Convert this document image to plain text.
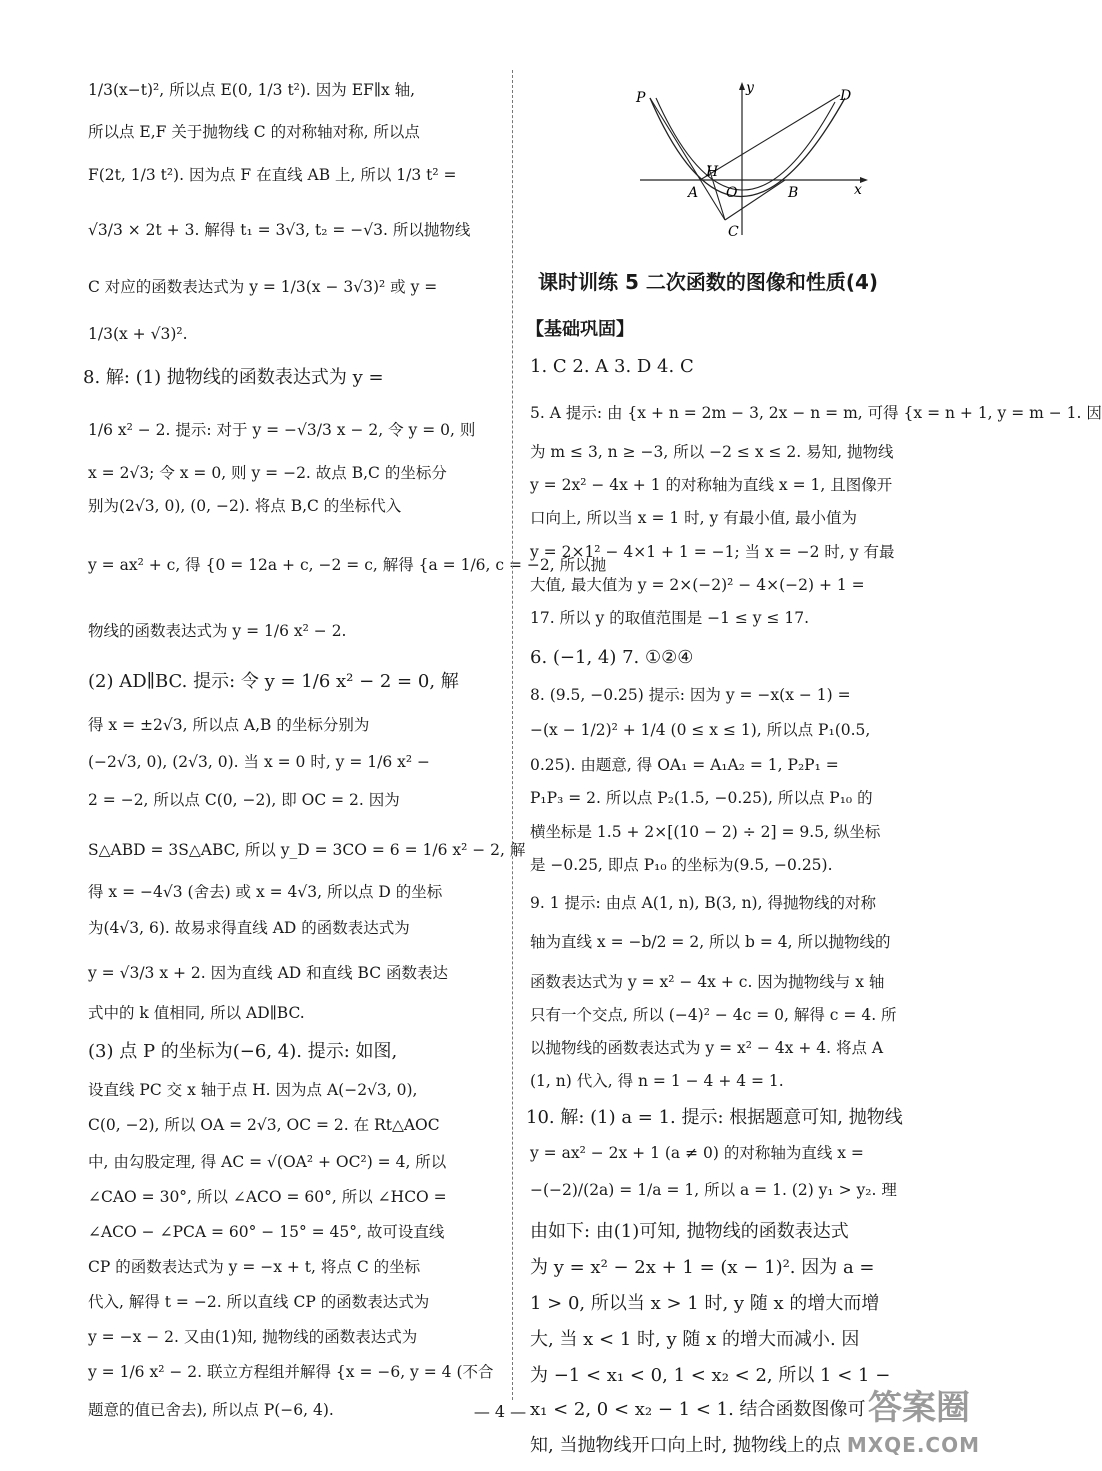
1/3(x−t)², 所以点 E(0, 1/3 t²). 因为 EF∥x 轴,
所以点 E,F 关于抛物线 C 的对称轴对称, 所以点
F(2t, 1/3 t²). 因为点 F 在直线 AB 上, 所以 1/3 t² =
√3/3 × 2t + 3. 解得 t₁ = 3√3, t₂ = −√3. 所以抛物线
C 对应的函数表达式为 y = 1/3(x − 3√3)² 或 y =
1/3(x + √3)².
8. 解: (1) 抛物线的函数表达式为 y =
1/6 x² − 2. 提示: 对于 y = −√3/3 x − 2, 令 y = 0, 则
x = 2√3; 令 x = 0, 则 y = −2. 故点 B,C 的坐标分
别为(2√3, 0), (0, −2). 将点 B,C 的坐标代入
y = ax² + c, 得 {0 = 12a + c, −2 = c, 解得 {a = 1/6, c = −2, 所以抛
物线的函数表达式为 y = 1/6 x² − 2.
(2) AD∥BC. 提示: 令 y = 1/6 x² − 2 = 0, 解
得 x = ±2√3, 所以点 A,B 的坐标分别为
(−2√3, 0), (2√3, 0). 当 x = 0 时, y = 1/6 x² −
2 = −2, 所以点 C(0, −2), 即 OC = 2. 因为
S△ABD = 3S△ABC, 所以 y_D = 3CO = 6 = 1/6 x² − 2, 解
得 x = −4√3 (舍去) 或 x = 4√3, 所以点 D 的坐标
为(4√3, 6). 故易求得直线 AD 的函数表达式为
y = √3/3 x + 2. 因为直线 AD 和直线 BC 函数表达
式中的 k 值相同, 所以 AD∥BC.
(3) 点 P 的坐标为(−6, 4). 提示: 如图,
设直线 PC 交 x 轴于点 H. 因为点 A(−2√3, 0),
C(0, −2), 所以 OA = 2√3, OC = 2. 在 Rt△AOC
中, 由勾股定理, 得 AC = √(OA² + OC²) = 4, 所以
∠CAO = 30°, 所以 ∠ACO = 60°, 所以 ∠HCO =
∠ACO − ∠PCA = 60° − 15° = 45°, 故可设直线
CP 的函数表达式为 y = −x + t, 将点 C 的坐标
代入, 解得 t = −2. 所以直线 CP 的函数表达式为
y = −x − 2. 又由(1)知, 抛物线的函数表达式为
y = 1/6 x² − 2. 联立方程组并解得 {x = −6, y = 4 (不合
题意的值已舍去), 所以点 P(−6, 4).
y
P	D
H
A O	B	x
C
课时训练 5 二次函数的图像和性质(4)
【基础巩固】
1. C 2. A 3. D 4. C
5. A 提示: 由 {x + n = 2m − 3, 2x − n = m, 可得 {x = n + 1, y = m − 1. 因
为 m ≤ 3, n ≥ −3, 所以 −2 ≤ x ≤ 2. 易知, 抛物线
y = 2x² − 4x + 1 的对称轴为直线 x = 1, 且图像开
口向上, 所以当 x = 1 时, y 有最小值, 最小值为
y = 2×1² − 4×1 + 1 = −1; 当 x = −2 时, y 有最
大值, 最大值为 y = 2×(−2)² − 4×(−2) + 1 =
17. 所以 y 的取值范围是 −1 ≤ y ≤ 17.
6. (−1, 4) 7. ①②④
8. (9.5, −0.25) 提示: 因为 y = −x(x − 1) =
−(x − 1/2)² + 1/4 (0 ≤ x ≤ 1), 所以点 P₁(0.5,
0.25). 由题意, 得 OA₁ = A₁A₂ = 1, P₂P₁ =
P₁P₃ = 2. 所以点 P₂(1.5, −0.25), 所以点 P₁₀ 的
横坐标是 1.5 + 2×[(10 − 2) ÷ 2] = 9.5, 纵坐标
是 −0.25, 即点 P₁₀ 的坐标为(9.5, −0.25).
9. 1 提示: 由点 A(1, n), B(3, n), 得抛物线的对称
轴为直线 x = −b/2 = 2, 所以 b = 4, 所以抛物线的
函数表达式为 y = x² − 4x + c. 因为抛物线与 x 轴
只有一个交点, 所以 (−4)² − 4c = 0, 解得 c = 4. 所
以抛物线的函数表达式为 y = x² − 4x + 4. 将点 A
(1, n) 代入, 得 n = 1 − 4 + 4 = 1.
10. 解: (1) a = 1. 提示: 根据题意可知, 抛物线
y = ax² − 2x + 1 (a ≠ 0) 的对称轴为直线 x =
−(−2)/(2a) = 1/a = 1, 所以 a = 1. (2) y₁ > y₂. 理
由如下: 由(1)可知, 抛物线的函数表达式
为 y = x² − 2x + 1 = (x − 1)². 因为 a =
1 > 0, 所以当 x > 1 时, y 随 x 的增大而增
大, 当 x < 1 时, y 随 x 的增大而减小. 因
为 −1 < x₁ < 0, 1 < x₂ < 2, 所以 1 < 1 −
x₁ < 2, 0 < x₂ − 1 < 1. 结合函数图像可
知, 当抛物线开口向上时, 抛物线上的点
— 4 —	答案圈
MXQE.COM
